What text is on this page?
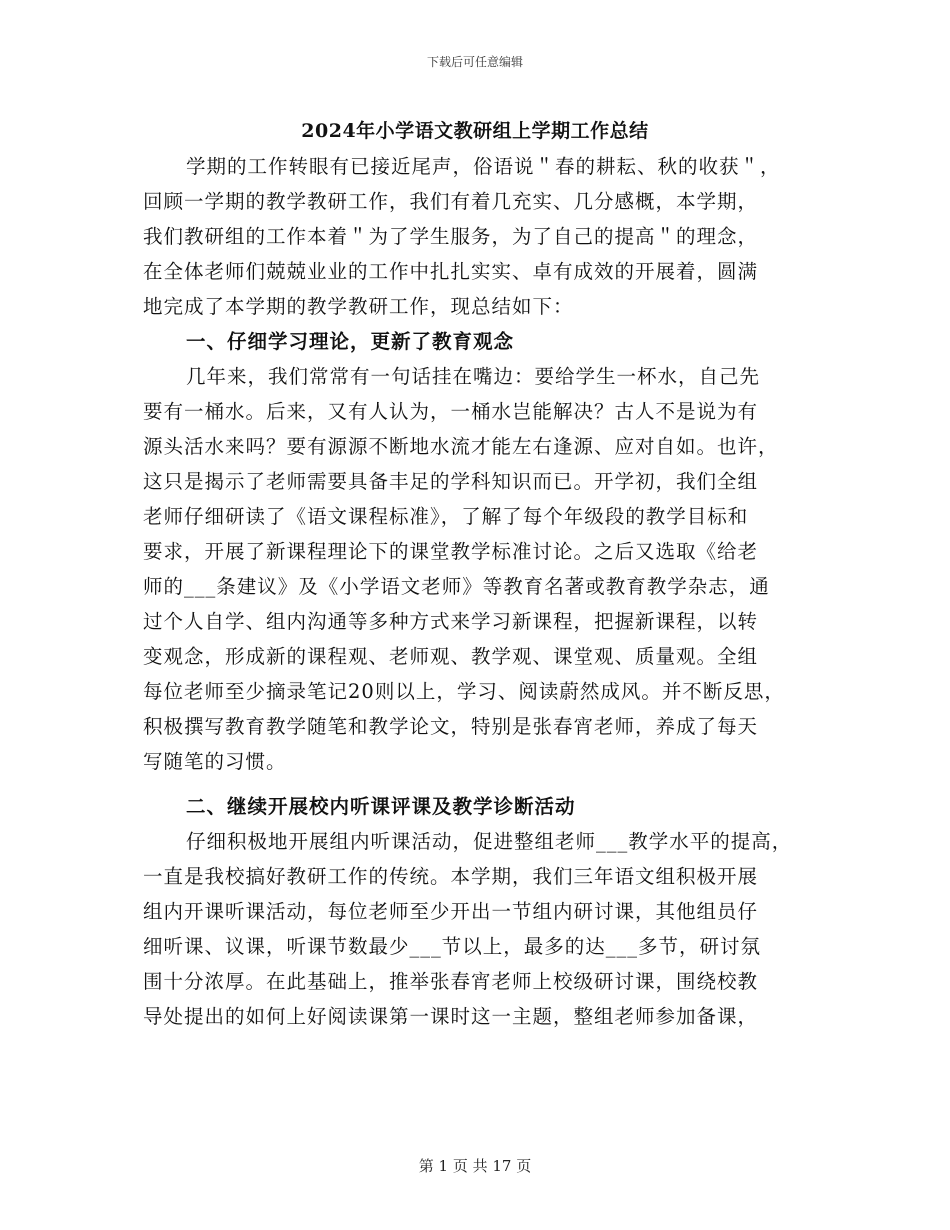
下载后可任意编辑
2024年小学语文教研组上学期工作总结
学期的工作转眼有已接近尾声，俗语说＂春的耕耘、秋的收获＂，
回顾一学期的教学教研工作，我们有着几充实、几分感概，本学期，
我们教研组的工作本着＂为了学生服务，为了自己的提高＂的理念，
在全体老师们兢兢业业的工作中扎扎实实、卓有成效的开展着，圆满
地完成了本学期的教学教研工作，现总结如下：
一、仔细学习理论，更新了教育观念
几年来，我们常常有一句话挂在嘴边：要给学生一杯水，自己先
要有一桶水。后来，又有人认为，一桶水岂能解决？古人不是说为有
源头活水来吗？要有源源不断地水流才能左右逢源、应对自如。也许，
这只是揭示了老师需要具备丰足的学科知识而已。开学初，我们全组
老师仔细研读了《语文课程标准》，了解了每个年级段的教学目标和
要求，开展了新课程理论下的课堂教学标准讨论。之后又选取《给老
师的___条建议》及《小学语文老师》等教育名著或教育教学杂志，通
过个人自学、组内沟通等多种方式来学习新课程，把握新课程，以转
变观念，形成新的课程观、老师观、教学观、课堂观、质量观。全组
每位老师至少摘录笔记20则以上，学习、阅读蔚然成风。并不断反思，
积极撰写教育教学随笔和教学论文，特别是张春宵老师，养成了每天
写随笔的习惯。
二、继续开展校内听课评课及教学诊断活动
仔细积极地开展组内听课活动，促进整组老师___教学水平的提高，
一直是我校搞好教研工作的传统。本学期，我们三年语文组积极开展
组内开课听课活动，每位老师至少开出一节组内研讨课，其他组员仔
细听课、议课，听课节数最少___节以上，最多的达___多节，研讨氛
围十分浓厚。在此基础上，推举张春宵老师上校级研讨课，围绕校教
导处提出的如何上好阅读课第一课时这一主题，整组老师参加备课，
第 1 页 共 17 页
